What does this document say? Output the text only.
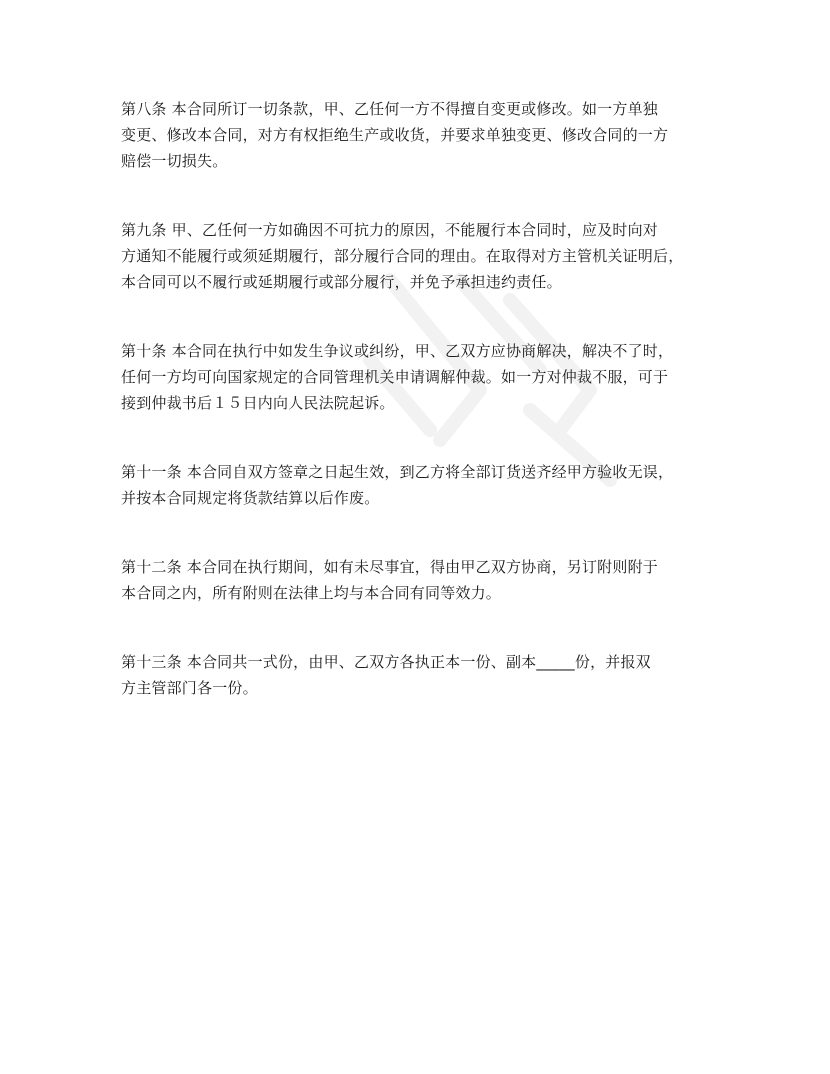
第八条 本合同所订一切条款，甲、乙任何一方不得擅自变更或修改。如一方单独
变更、修改本合同，对方有权拒绝生产或收货，并要求单独变更、修改合同的一方
赔偿一切损失。

第九条 甲、乙任何一方如确因不可抗力的原因，不能履行本合同时，应及时向对
方通知不能履行或须延期履行，部分履行合同的理由。在取得对方主管机关证明后，
本合同可以不履行或延期履行或部分履行，并免予承担违约责任。

第十条 本合同在执行中如发生争议或纠纷，甲、乙双方应协商解决，解决不了时，
任何一方均可向国家规定的合同管理机关申请调解仲裁。如一方对仲裁不服，可于
接到仲裁书后１５日内向人民法院起诉。

第十一条 本合同自双方签章之日起生效，到乙方将全部订货送齐经甲方验收无误，
并按本合同规定将货款结算以后作废。

第十二条 本合同在执行期间，如有未尽事宜，得由甲乙双方协商，另订附则附于
本合同之内，所有附则在法律上均与本合同有同等效力。

第十三条 本合同共一式份，由甲、乙双方各执正本一份、副本_____份，并报双
方主管部门各一份。
